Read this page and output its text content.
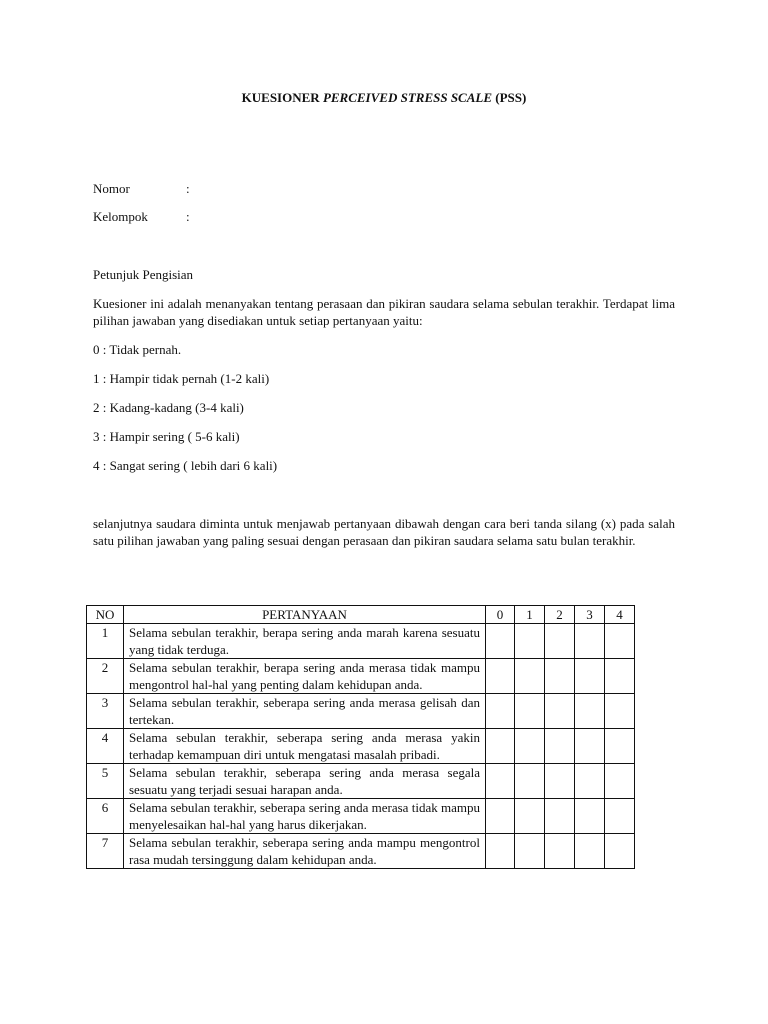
KUESIONER PERCEIVED STRESS SCALE (PSS)
Nomor	:
Kelompok	:
Petunjuk Pengisian
Kuesioner ini adalah menanyakan tentang perasaan dan pikiran saudara selama sebulan terakhir. Terdapat lima pilihan jawaban yang disediakan untuk setiap pertanyaan yaitu:
0 : Tidak pernah.
1 : Hampir tidak pernah (1-2 kali)
2 : Kadang-kadang (3-4 kali)
3 : Hampir sering ( 5-6 kali)
4 : Sangat sering ( lebih dari 6 kali)
selanjutnya saudara diminta untuk menjawab pertanyaan dibawah dengan cara beri tanda silang (x) pada salah satu pilihan jawaban yang paling sesuai dengan perasaan dan pikiran saudara selama satu bulan terakhir.
NO	PERTANYAAN	0	1	2	3	4
1	Selama sebulan terakhir, berapa sering anda marah karena sesuatu yang tidak terduga.					
2	Selama sebulan terakhir, berapa sering anda merasa tidak mampu mengontrol hal-hal yang penting dalam kehidupan anda.					
3	Selama sebulan terakhir, seberapa sering anda merasa gelisah dan tertekan.					
4	Selama sebulan terakhir, seberapa sering anda merasa yakin terhadap kemampuan diri untuk mengatasi masalah pribadi.					
5	Selama sebulan terakhir, seberapa sering anda merasa segala sesuatu yang terjadi sesuai harapan anda.					
6	Selama sebulan terakhir, seberapa sering anda merasa tidak mampu menyelesaikan hal-hal yang harus dikerjakan.					
7	Selama sebulan terakhir, seberapa sering anda mampu mengontrol rasa mudah tersinggung dalam kehidupan anda.					
